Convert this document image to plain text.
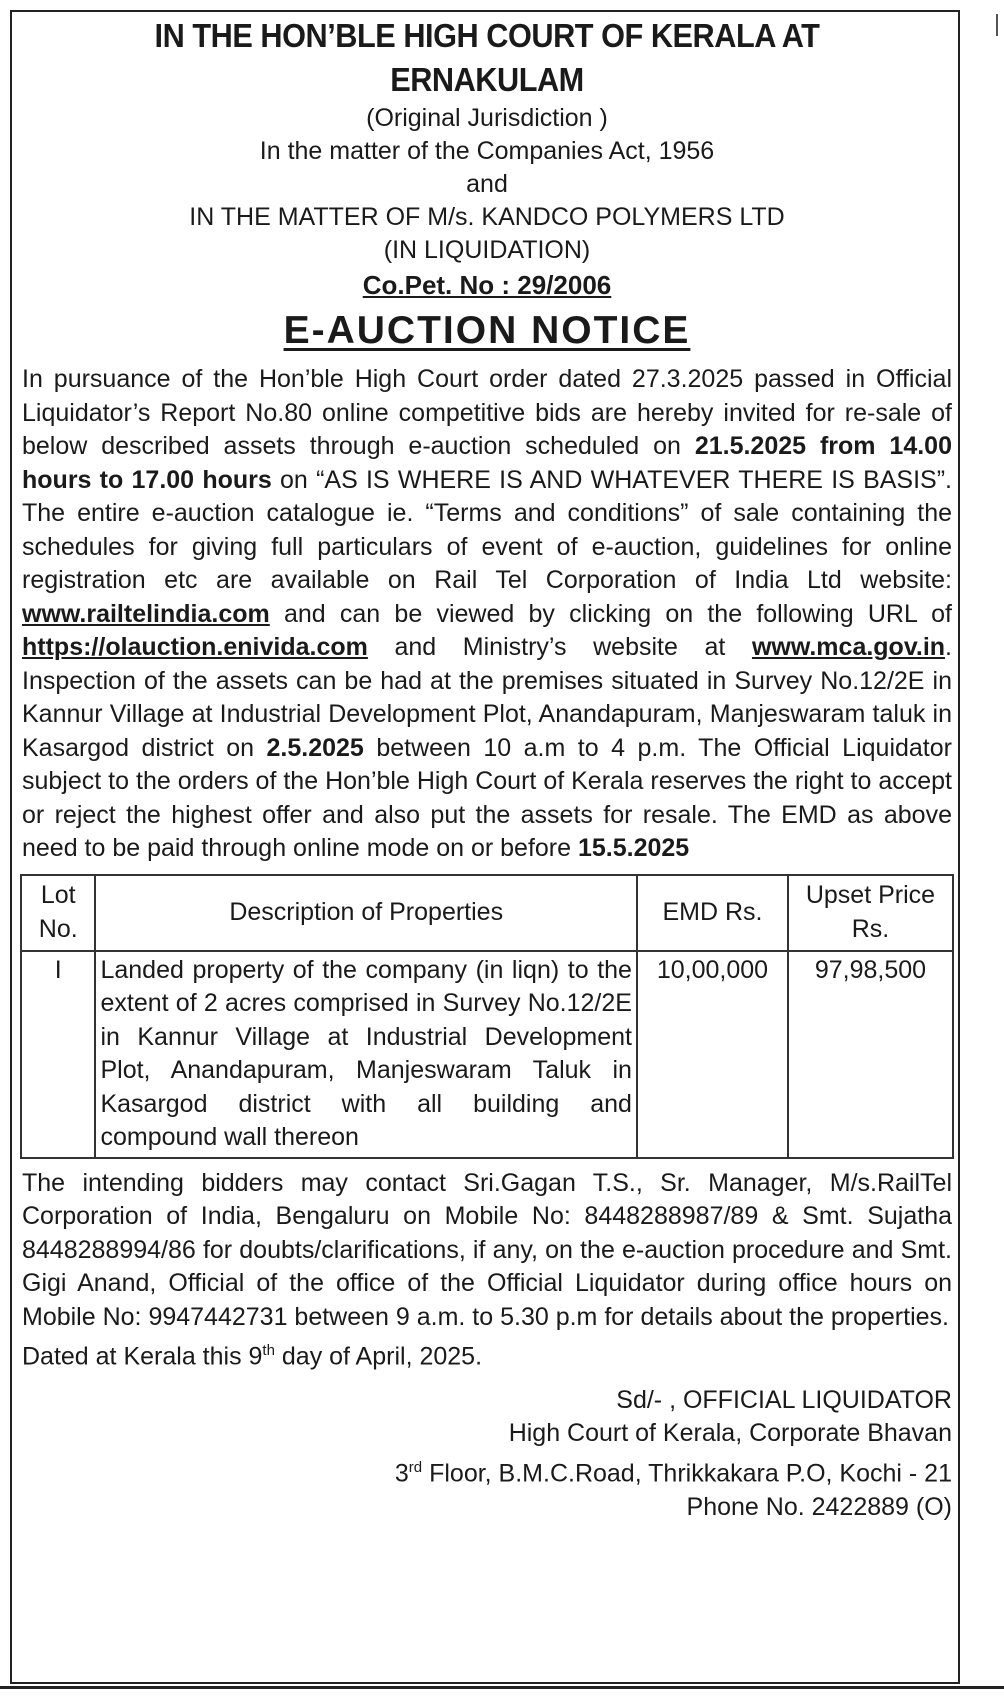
IN THE HON’BLE HIGH COURT OF KERALA AT ERNAKULAM
(Original Jurisdiction )
In the matter of the Companies Act, 1956
and
IN THE MATTER OF M/s. KANDCO POLYMERS LTD
(IN LIQUIDATION)
Co.Pet. No : 29/2006
E-AUCTION NOTICE

In pursuance of the Hon’ble High Court order dated 27.3.2025 passed in Official Liquidator’s Report No.80 online competitive bids are hereby invited for re-sale of below described assets through e-auction scheduled on 21.5.2025 from 14.00 hours to 17.00 hours on “AS IS WHERE IS AND WHATEVER THERE IS BASIS”. The entire e-auction catalogue ie. “Terms and conditions” of sale containing the schedules for giving full particulars of event of e-auction, guidelines for online registration etc are available on Rail Tel Corporation of India Ltd website: www.railtelindia.com and can be viewed by clicking on the following URL of https://olauction.enivida.com and Ministry’s website at www.mca.gov.in. Inspection of the assets can be had at the premises situated in Survey No.12/2E in Kannur Village at Industrial Development Plot, Anandapuram, Manjeswaram taluk in Kasargod district on 2.5.2025 between 10 a.m to 4 p.m. The Official Liquidator subject to the orders of the Hon’ble High Court of Kerala reserves the right to accept or reject the highest offer and also put the assets for resale. The EMD as above need to be paid through online mode on or before 15.5.2025

Lot No.	Description of Properties	EMD Rs.	Upset Price Rs.
I	Landed property of the company (in liqn) to the extent of 2 acres comprised in Survey No.12/2E in Kannur Village at Industrial Development Plot, Anandapuram, Manjeswaram Taluk in Kasargod district with all building and compound wall thereon	10,00,000	97,98,500
The intending bidders may contact Sri.Gagan T.S., Sr. Manager, M/s.RailTel Corporation of India, Bengaluru on Mobile No: 8448288987/89 & Smt. Sujatha 8448288994/86 for doubts/clarifications, if any, on the e-auction procedure and Smt. Gigi Anand, Official of the office of the Official Liquidator during office hours on Mobile No: 9947442731 between 9 a.m. to 5.30 p.m for details about the properties.
Dated at Kerala this 9th day of April, 2025.
Sd/- , OFFICIAL LIQUIDATOR
High Court of Kerala, Corporate Bhavan
3rd Floor, B.M.C.Road, Thrikkakara P.O, Kochi - 21
Phone No. 2422889 (O)
